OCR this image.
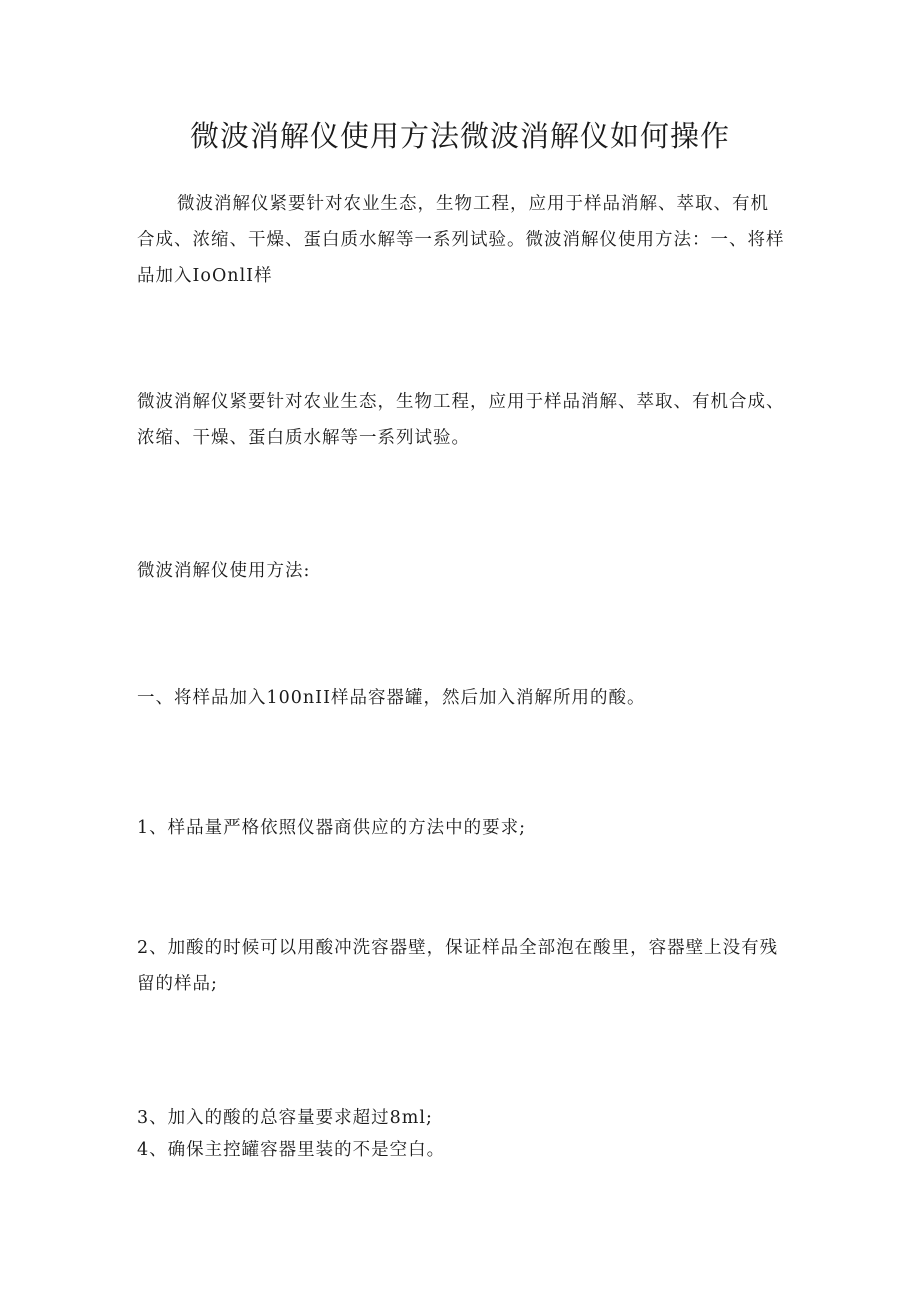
微波消解仪使用方法微波消解仪如何操作

微波消解仪紧要针对农业生态，生物工程，应用于样品消解、萃取、有机合成、浓缩、干燥、蛋白质水解等一系列试验。微波消解仪使用方法：一、将样品加入IoOnlI样

微波消解仪紧要针对农业生态，生物工程，应用于样品消解、萃取、有机合成、浓缩、干燥、蛋白质水解等一系列试验。

微波消解仪使用方法:

一、将样品加入100nII样品容器罐，然后加入消解所用的酸。

1、样品量严格依照仪器商供应的方法中的要求;

2、加酸的时候可以用酸冲洗容器壁，保证样品全部泡在酸里，容器壁上没有残留的样品;

3、加入的酸的总容量要求超过8ml;

4、确保主控罐容器里装的不是空白。
